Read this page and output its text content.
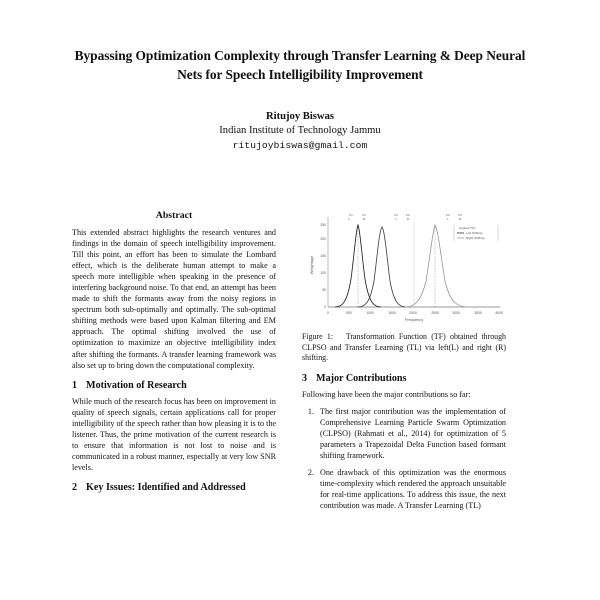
Bypassing Optimization Complexity through Transfer Learning & Deep Neural Nets for Speech Intelligibility Improvement
Ritujoy Biswas
Indian Institute of Technology Jammu
ritujoybiswas@gmail.com
Abstract

This extended abstract highlights the research ventures and findings in the domain of speech intelligibility improvement. Till this point, an effort has been to simulate the Lombard effect, which is the deliberate human attempt to make a speech more intelligible when speaking in the presence of interfering background noise. To that end, an attempt has been made to shift the formants away from the noisy regions in spectrum both sub-optimally and optimally. The sub-optimal shifting methods were based upon Kalman filtering and EM approach. The optimal shifting involved the use of optimization to maximize an objective intelligibility index after shifting the formants. A transfer learning framework was also set up to bring down the computational complexity.

1 Motivation of Research

While much of the research focus has been on improvement in quality of speech signals, certain applications call for proper intelligibility of the speech rather than how pleasing it is to the listener. Thus, the prime motivation of the current research is to ensure that information is not lost to noise and is communicated in a robust manner, especially at very low SNR levels.

2 Key Issues: Identified and Addressed
0
50
100
150
200
250
Weightage
0	500	1000	1500	2000	2500	3000	3500	4000
Frequency
F1	F1
L	R
F2	F2
L	R
F3	F3
L	R
Applied TFs
Left Shifting
Right Shifting
Figure 1: Transformation Function (TF) obtained through CLPSO and Transfer Learning (TL) via left(L) and right (R) shifting.
3 Major Contributions

Following have been the major contributions so far:

1. The first major contribution was the implementation of Comprehensive Learning Particle Swarm Optimization (CLPSO) (Rahmati et al., 2014) for optimization of 5 parameters a Trapezoidal Delta Function based formant shifting framework.
2. One drawback of this optimization was the enormous time-complexity which rendered the approach unsuitable for real-time applications. To address this issue, the next contribution was made. A Transfer Learning (TL)
